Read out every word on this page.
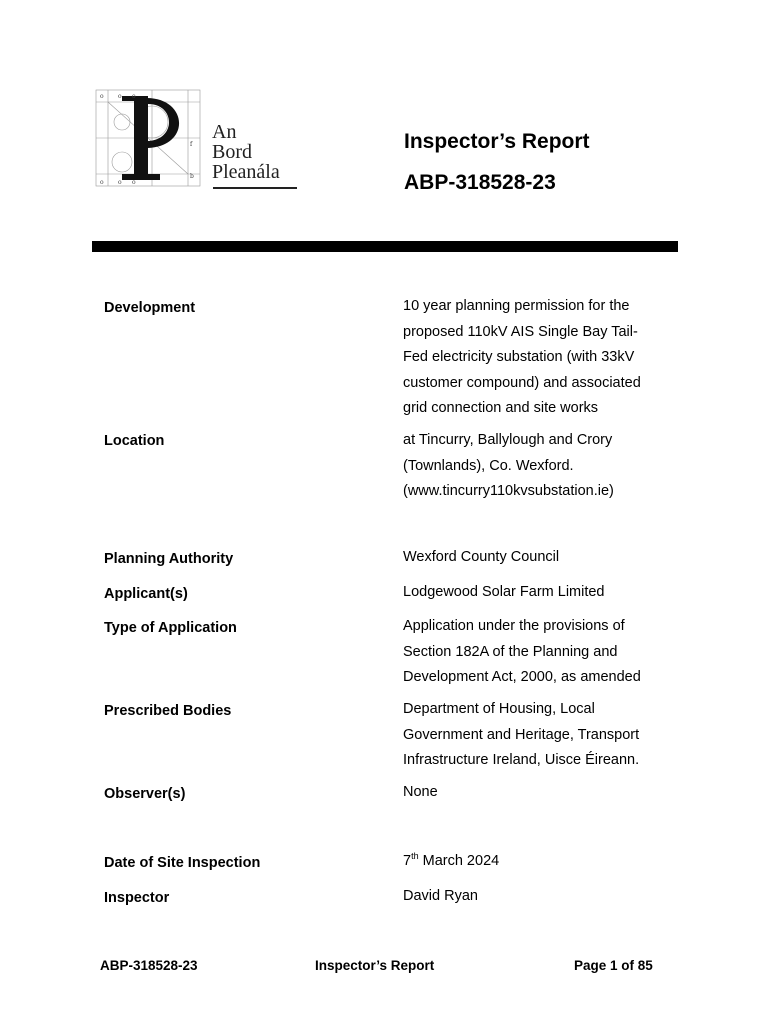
o o o
o o o
f
b
An
Bord
Pleanála
Inspector’s Report
ABP-318528-23
Development	10 year planning permission for the
proposed 110kV AIS Single Bay Tail-
Fed electricity substation (with 33kV
customer compound) and associated
grid connection and site works
Location	at Tincurry, Ballylough and Crory
(Townlands), Co. Wexford.
(www.tincurry110kvsubstation.ie)
Planning Authority	Wexford County Council
Applicant(s)	Lodgewood Solar Farm Limited
Type of Application	Application under the provisions of
Section 182A of the Planning and
Development Act, 2000, as amended
Prescribed Bodies	Department of Housing, Local
Government and Heritage, Transport
Infrastructure Ireland, Uisce Éireann.
Observer(s)	None
Date of Site Inspection	7th March 2024
Inspector	David Ryan
ABP-318528-23	Inspector’s Report	Page 1 of 85
